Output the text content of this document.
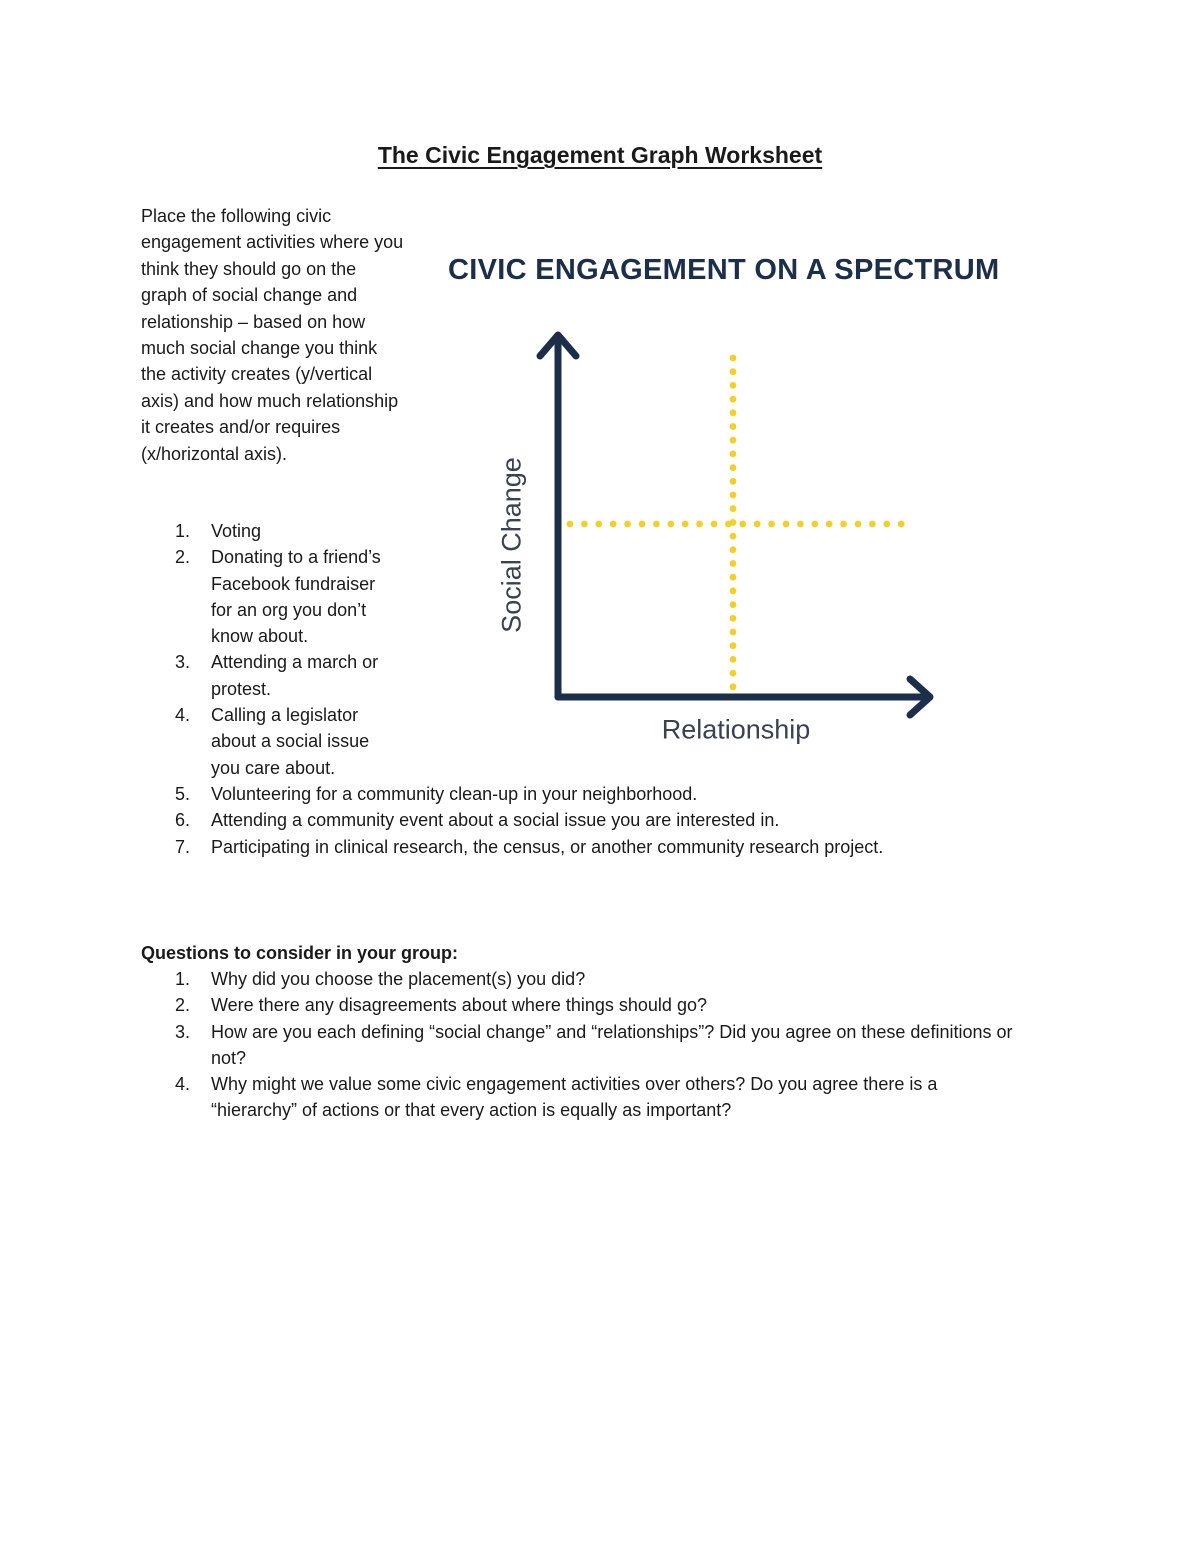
The Civic Engagement Graph Worksheet

Place the following civic engagement activities where you think they should go on the graph of social change and relationship – based on how much social change you think the activity creates (y/vertical axis) and how much relationship it creates and/or requires (x/horizontal axis).

1. Voting
2. Donating to a friend’s Facebook fundraiser for an org you don’t know about.
3. Attending a march or protest.
4. Calling a legislator about a social issue you care about.
5. Volunteering for a community clean-up in your neighborhood.
6. Attending a community event about a social issue you are interested in.
7. Participating in clinical research, the census, or another community research project.
CIVIC ENGAGEMENT ON A SPECTRUM
Social Change
Relationship
Questions to consider in your group:
1. Why did you choose the placement(s) you did?
2. Were there any disagreements about where things should go?
3. How are you each defining “social change” and “relationships”? Did you agree on these definitions or not?
4. Why might we value some civic engagement activities over others? Do you agree there is a “hierarchy” of actions or that every action is equally as important?
